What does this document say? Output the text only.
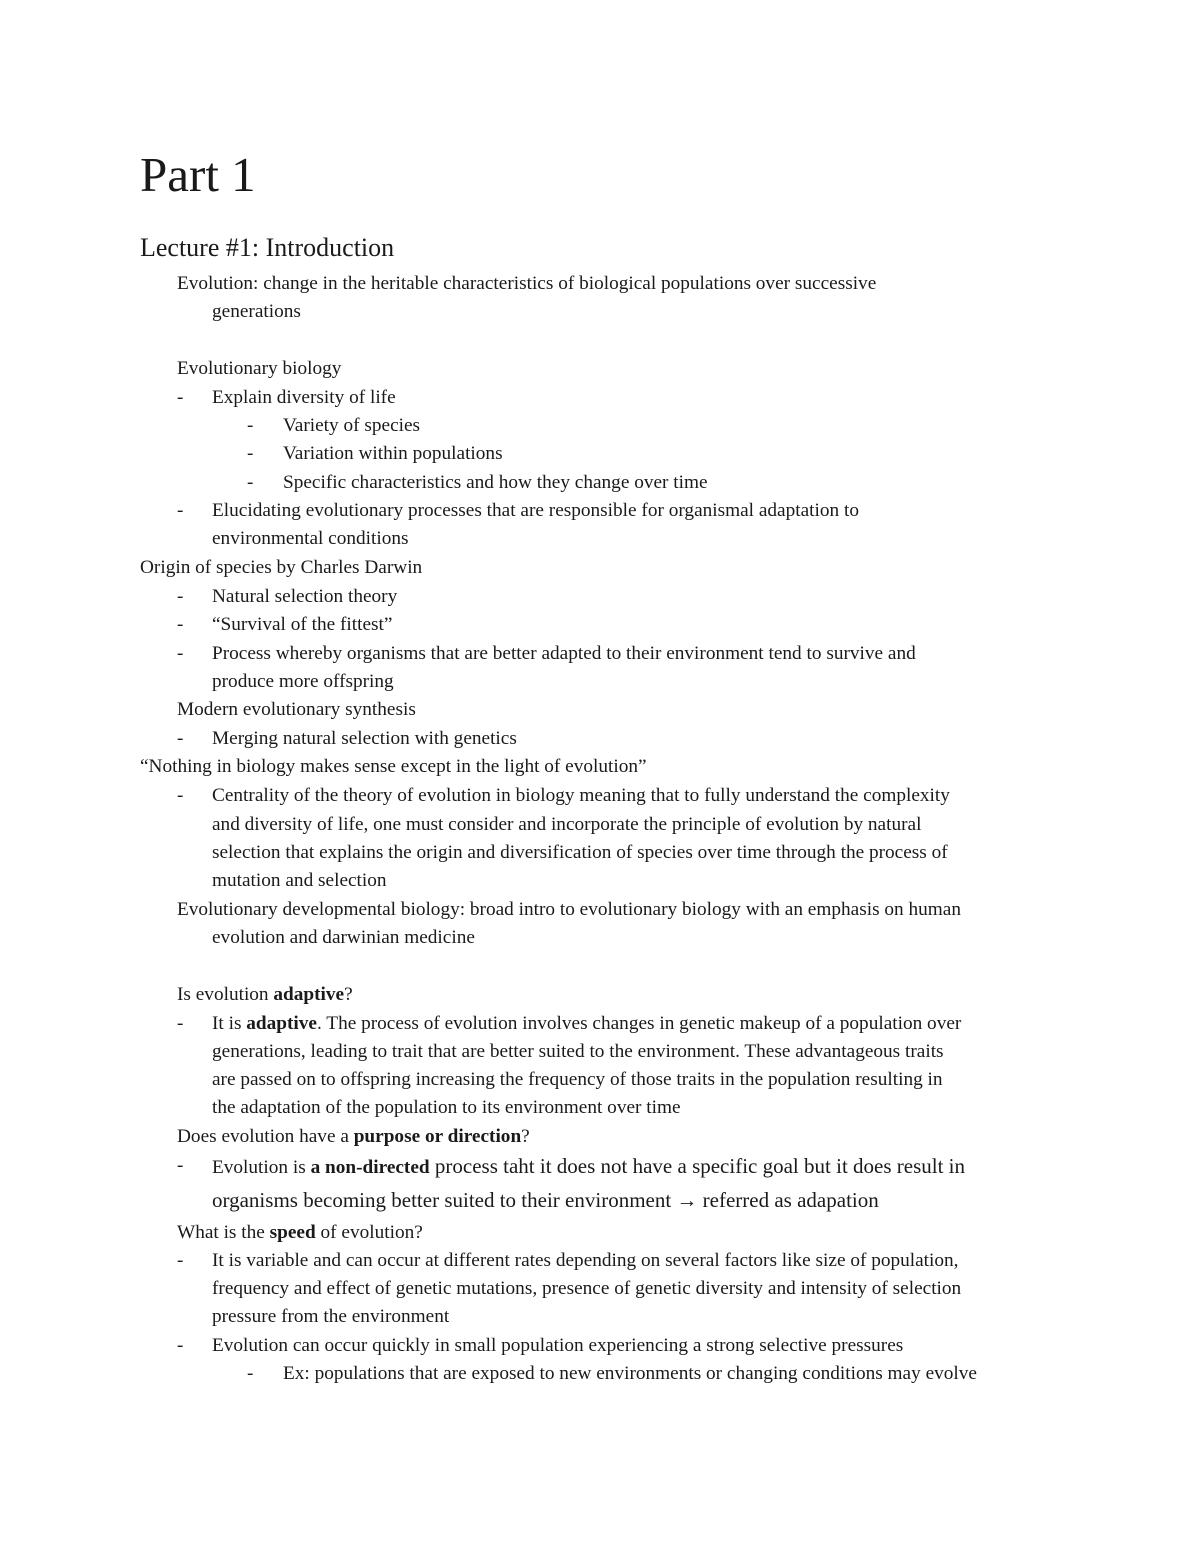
Part 1
Lecture #1: Introduction
Evolution: change in the heritable characteristics of biological populations over successive
generations
Evolutionary biology
- Explain diversity of life
- Variety of species
- Variation within populations
- Specific characteristics and how they change over time
- Elucidating evolutionary processes that are responsible for organismal adaptation to
environmental conditions
Origin of species by Charles Darwin
- Natural selection theory
- “Survival of the fittest”
- Process whereby organisms that are better adapted to their environment tend to survive and
produce more offspring
Modern evolutionary synthesis
- Merging natural selection with genetics
“Nothing in biology makes sense except in the light of evolution”
- Centrality of the theory of evolution in biology meaning that to fully understand the complexity
and diversity of life, one must consider and incorporate the principle of evolution by natural
selection that explains the origin and diversification of species over time through the process of
mutation and selection
Evolutionary developmental biology: broad intro to evolutionary biology with an emphasis on human
evolution and darwinian medicine
Is evolution adaptive?
- It is adaptive. The process of evolution involves changes in genetic makeup of a population over
generations, leading to trait that are better suited to the environment. These advantageous traits
are passed on to offspring increasing the frequency of those traits in the population resulting in
the adaptation of the population to its environment over time
Does evolution have a purpose or direction?
- Evolution is a non-directed process taht it does not have a specific goal but it does result in
organisms becoming better suited to their environment → referred as adapation
What is the speed of evolution?
- It is variable and can occur at different rates depending on several factors like size of population,
frequency and effect of genetic mutations, presence of genetic diversity and intensity of selection
pressure from the environment
- Evolution can occur quickly in small population experiencing a strong selective pressures
- Ex: populations that are exposed to new environments or changing conditions may evolve
